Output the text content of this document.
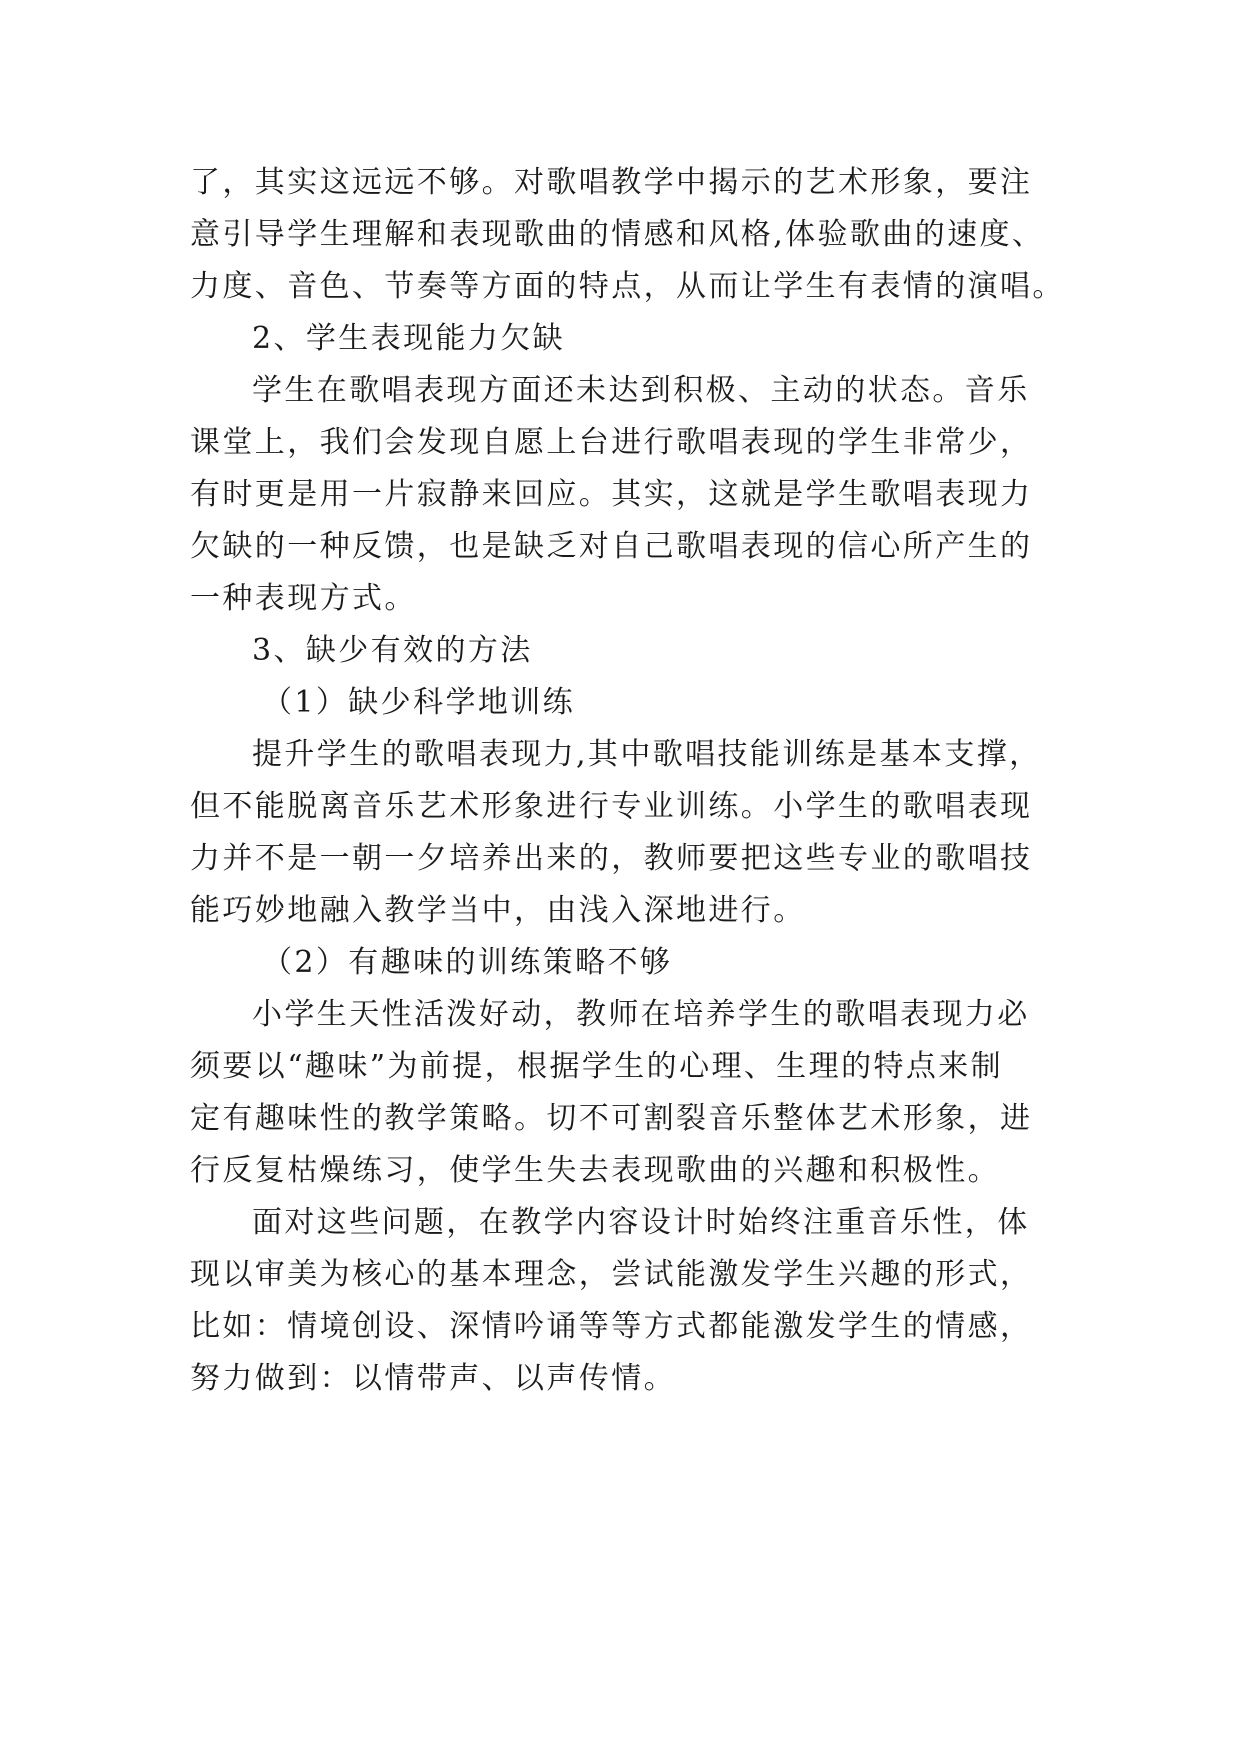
了，其实这远远不够。对歌唱教学中揭示的艺术形象，要注
意引导学生理解和表现歌曲的情感和风格,体验歌曲的速度、
力度、音色、节奏等方面的特点，从而让学生有表情的演唱。
2、学生表现能力欠缺
学生在歌唱表现方面还未达到积极、主动的状态。音乐
课堂上，我们会发现自愿上台进行歌唱表现的学生非常少，
有时更是用一片寂静来回应。其实，这就是学生歌唱表现力
欠缺的一种反馈，也是缺乏对自己歌唱表现的信心所产生的
一种表现方式。
3、缺少有效的方法
（1）缺少科学地训练
提升学生的歌唱表现力,其中歌唱技能训练是基本支撑，
但不能脱离音乐艺术形象进行专业训练。小学生的歌唱表现
力并不是一朝一夕培养出来的，教师要把这些专业的歌唱技
能巧妙地融入教学当中，由浅入深地进行。
（2）有趣味的训练策略不够
小学生天性活泼好动，教师在培养学生的歌唱表现力必
须要以“趣味”为前提，根据学生的心理、生理的特点来制
定有趣味性的教学策略。切不可割裂音乐整体艺术形象，进
行反复枯燥练习，使学生失去表现歌曲的兴趣和积极性。
面对这些问题，在教学内容设计时始终注重音乐性，体
现以审美为核心的基本理念，尝试能激发学生兴趣的形式，
比如：情境创设、深情吟诵等等方式都能激发学生的情感，
努力做到：以情带声、以声传情。
